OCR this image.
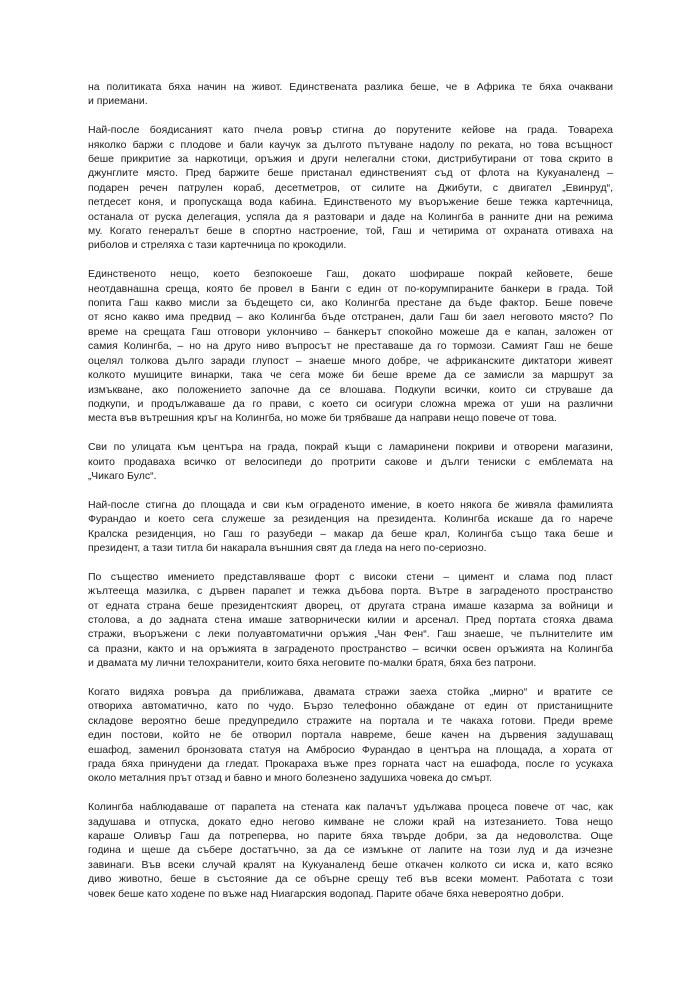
на политиката бяха начин на живот. Единствената разлика беше, че в Африка те бяха очаквани
и приемани.
Най-после боядисаният като пчела ровър стигна до порутените кейове на града. Товареха
няколко баржи с плодове и бали каучук за дългото пътуване надолу по реката, но това всъщност
беше прикритие за наркотици, оръжия и други нелегални стоки, дистрибутирани от това скрито в
джунглите място. Пред баржите беше пристанал единственият съд от флота на Кукуаналенд –
подарен речен патрулен кораб, десетметров, от силите на Джибути, с двигател „Евинруд“,
петдесет коня, и пропускаща вода кабина. Единственото му въоръжение беше тежка картечница,
останала от руска делегация, успяла да я разтовари и даде на Колингба в ранните дни на режима
му. Когато генералът беше в спортно настроение, той, Гаш и четирима от охраната отиваха на
риболов и стреляха с тази картечница по крокодили.
Единственото нещо, което безпокоеше Гаш, докато шофираше покрай кейовете, беше
неотдавнашна среща, която бе провел в Банги с един от по-корумпираните банкери в града. Той
попита Гаш какво мисли за бъдещето си, ако Колингба престане да бъде фактор. Беше повече
от ясно какво има предвид – ако Колингба бъде отстранен, дали Гаш би заел неговото място? По
време на срещата Гаш отговори уклончиво – банкерът спокойно можеше да е капан, заложен от
самия Колингба, – но на друго ниво въпросът не преставаше да го тормози. Самият Гаш не беше
оцелял толкова дълго заради глупост – знаеше много добре, че африканските диктатори живеят
колкото мушиците винарки, така че сега може би беше време да се замисли за маршрут за
измъкване, ако положението започне да се влошава. Подкупи всички, които си струваше да
подкупи, и продължаваше да го прави, с което си осигури сложна мрежа от уши на различни
места във вътрешния кръг на Колингба, но може би трябваше да направи нещо повече от това.
Сви по улицата към центъра на града, покрай къщи с ламаринени покриви и отворени магазини,
които продаваха всичко от велосипеди до протрити сакове и дълги тениски с емблемата на
„Чикаго Булс“.
Най-после стигна до площада и сви към ограденото имение, в което някога бе живяла фамилията
Фурандао и което сега служеше за резиденция на президента. Колингба искаше да го нарече
Кралска резиденция, но Гаш го разубеди – макар да беше крал, Колингба също така беше и
президент, а тази титла би накарала външния свят да гледа на него по-сериозно.
По същество имението представляваше форт с високи стени – цимент и слама под пласт
жълтееща мазилка, с дървен парапет и тежка дъбова порта. Вътре в заграденото пространство
от едната страна беше президентският дворец, от другата страна имаше казарма за войници и
столова, а до задната стена имаше затворнически килии и арсенал. Пред портата стояха двама
стражи, въоръжени с леки полуавтоматични оръжия „Чан Фен“. Гаш знаеше, че пълнителите им
са празни, както и на оръжията в заграденото пространство – всички освен оръжията на Колингба
и двамата му лични телохранители, които бяха неговите по-малки братя, бяха без патрони.
Когато видяха ровъра да приближава, двамата стражи заеха стойка „мирно“ и вратите се
отвориха автоматично, като по чудо. Бързо телефонно обаждане от един от пристанищните
складове вероятно беше предупредило стражите на портала и те чакаха готови. Преди време
един постови, който не бе отворил портала навреме, беше качен на дървения задушаващ
ешафод, заменил бронзовата статуя на Амбросио Фурандао в центъра на площада, а хората от
града бяха принудени да гледат. Прокараха въже през горната част на ешафода, после го усукаха
около металния прът отзад и бавно и много болезнено задушиха човека до смърт.
Колингба наблюдаваше от парапета на стената как палачът удължава процеса повече от час, как
задушава и отпуска, докато едно негово кимване не сложи край на изтезанието. Това нещо
караше Оливър Гаш да потреперва, но парите бяха твърде добри, за да недоволства. Още
година и щеше да събере достатъчно, за да се измъкне от лапите на този луд и да изчезне
завинаги. Във всеки случай кралят на Кукуаналенд беше откачен колкото си иска и, като всяко
диво животно, беше в състояние да се обърне срещу теб във всеки момент. Работата с този
човек беше като ходене по въже над Ниагарския водопад. Парите обаче бяха невероятно добри.
